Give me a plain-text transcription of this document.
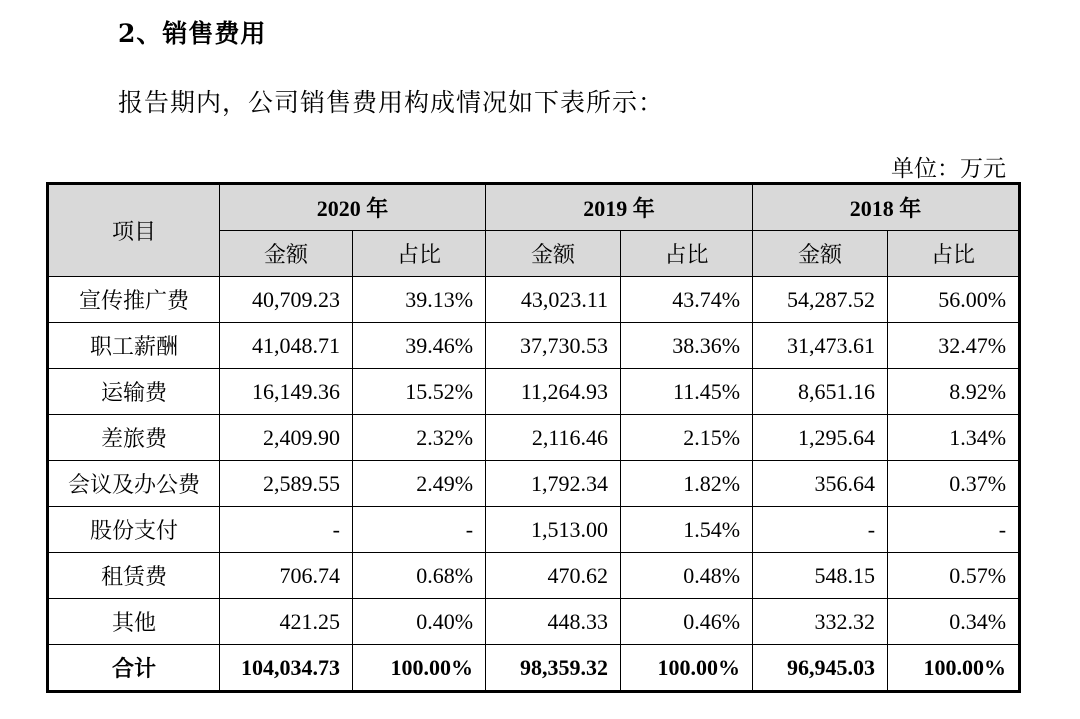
2、销售费用
报告期内，公司销售费用构成情况如下表所示：
单位：万元
项目	2020 年		2019 年		2018 年	
	金额	占比	金额	占比	金额	占比
宣传推广费	40,709.23	39.13%	43,023.11	43.74%	54,287.52	56.00%
职工薪酬	41,048.71	39.46%	37,730.53	38.36%	31,473.61	32.47%
运输费	16,149.36	15.52%	11,264.93	11.45%	8,651.16	8.92%
差旅费	2,409.90	2.32%	2,116.46	2.15%	1,295.64	1.34%
会议及办公费	2,589.55	2.49%	1,792.34	1.82%	356.64	0.37%
股份支付	-	-	1,513.00	1.54%	-	-
租赁费	706.74	0.68%	470.62	0.48%	548.15	0.57%
其他	421.25	0.40%	448.33	0.46%	332.32	0.34%
合计	104,034.73	100.00%	98,359.32	100.00%	96,945.03	100.00%
